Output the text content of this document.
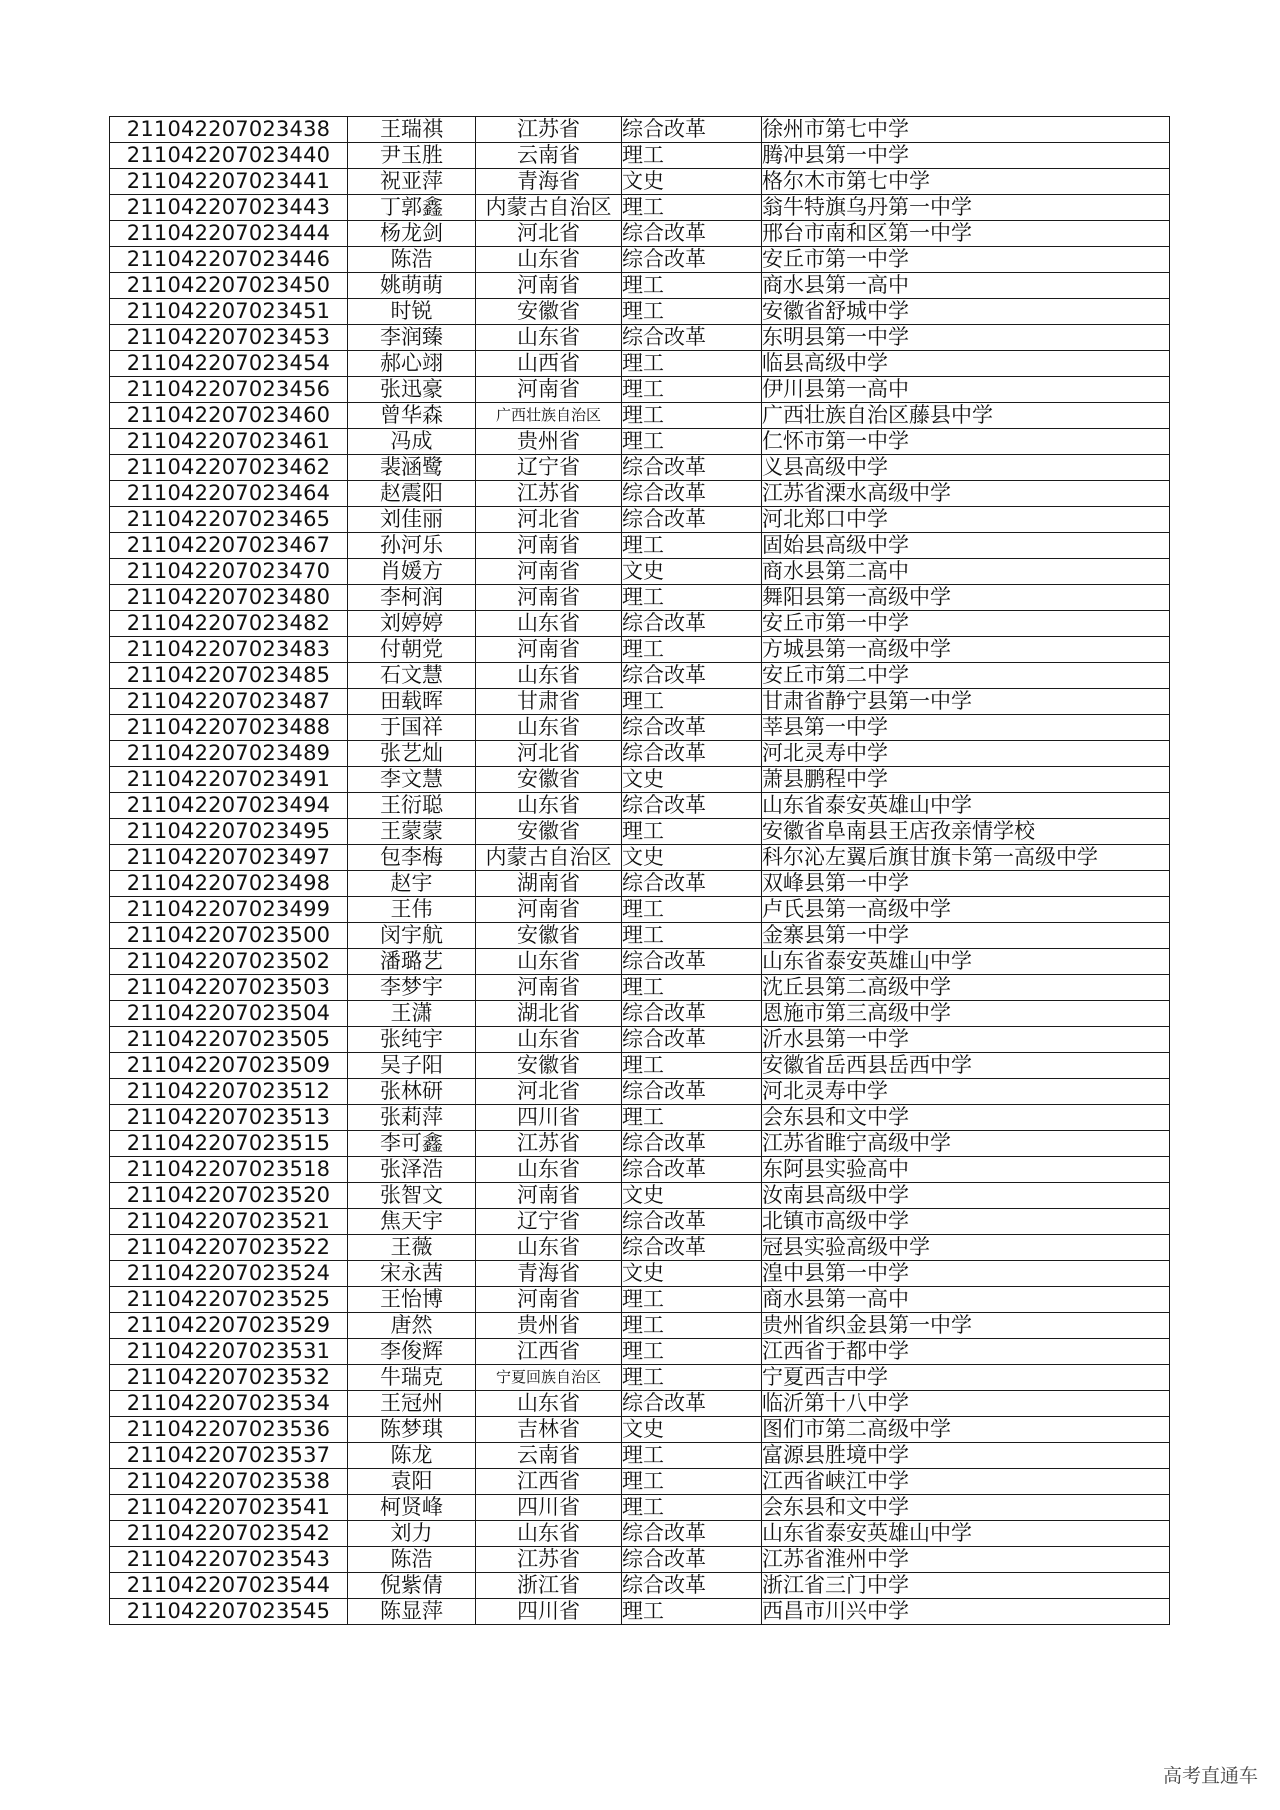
211042207023438	王瑞祺	江苏省	综合改革	徐州市第七中学
211042207023440	尹玉胜	云南省	理工	腾冲县第一中学
211042207023441	祝亚萍	青海省	文史	格尔木市第七中学
211042207023443	丁郭鑫	内蒙古自治区	理工	翁牛特旗乌丹第一中学
211042207023444	杨龙剑	河北省	综合改革	邢台市南和区第一中学
211042207023446	陈浩	山东省	综合改革	安丘市第一中学
211042207023450	姚萌萌	河南省	理工	商水县第一高中
211042207023451	时锐	安徽省	理工	安徽省舒城中学
211042207023453	李润臻	山东省	综合改革	东明县第一中学
211042207023454	郝心翊	山西省	理工	临县高级中学
211042207023456	张迅豪	河南省	理工	伊川县第一高中
211042207023460	曾华森	广西壮族自治区	理工	广西壮族自治区藤县中学
211042207023461	冯成	贵州省	理工	仁怀市第一中学
211042207023462	裴涵鹭	辽宁省	综合改革	义县高级中学
211042207023464	赵震阳	江苏省	综合改革	江苏省溧水高级中学
211042207023465	刘佳丽	河北省	综合改革	河北郑口中学
211042207023467	孙河乐	河南省	理工	固始县高级中学
211042207023470	肖媛方	河南省	文史	商水县第二高中
211042207023480	李柯润	河南省	理工	舞阳县第一高级中学
211042207023482	刘婷婷	山东省	综合改革	安丘市第一中学
211042207023483	付朝党	河南省	理工	方城县第一高级中学
211042207023485	石文慧	山东省	综合改革	安丘市第二中学
211042207023487	田载晖	甘肃省	理工	甘肃省静宁县第一中学
211042207023488	于国祥	山东省	综合改革	莘县第一中学
211042207023489	张艺灿	河北省	综合改革	河北灵寿中学
211042207023491	李文慧	安徽省	文史	萧县鹏程中学
211042207023494	王衍聪	山东省	综合改革	山东省泰安英雄山中学
211042207023495	王蒙蒙	安徽省	理工	安徽省阜南县王店孜亲情学校
211042207023497	包李梅	内蒙古自治区	文史	科尔沁左翼后旗甘旗卡第一高级中学
211042207023498	赵宇	湖南省	综合改革	双峰县第一中学
211042207023499	王伟	河南省	理工	卢氏县第一高级中学
211042207023500	闵宇航	安徽省	理工	金寨县第一中学
211042207023502	潘璐艺	山东省	综合改革	山东省泰安英雄山中学
211042207023503	李梦宇	河南省	理工	沈丘县第二高级中学
211042207023504	王潇	湖北省	综合改革	恩施市第三高级中学
211042207023505	张纯宇	山东省	综合改革	沂水县第一中学
211042207023509	吴子阳	安徽省	理工	安徽省岳西县岳西中学
211042207023512	张林研	河北省	综合改革	河北灵寿中学
211042207023513	张莉萍	四川省	理工	会东县和文中学
211042207023515	李可鑫	江苏省	综合改革	江苏省睢宁高级中学
211042207023518	张泽浩	山东省	综合改革	东阿县实验高中
211042207023520	张智文	河南省	文史	汝南县高级中学
211042207023521	焦天宇	辽宁省	综合改革	北镇市高级中学
211042207023522	王薇	山东省	综合改革	冠县实验高级中学
211042207023524	宋永茜	青海省	文史	湟中县第一中学
211042207023525	王怡博	河南省	理工	商水县第一高中
211042207023529	唐然	贵州省	理工	贵州省织金县第一中学
211042207023531	李俊辉	江西省	理工	江西省于都中学
211042207023532	牛瑞克	宁夏回族自治区	理工	宁夏西吉中学
211042207023534	王冠州	山东省	综合改革	临沂第十八中学
211042207023536	陈梦琪	吉林省	文史	图们市第二高级中学
211042207023537	陈龙	云南省	理工	富源县胜境中学
211042207023538	袁阳	江西省	理工	江西省峡江中学
211042207023541	柯贤峰	四川省	理工	会东县和文中学
211042207023542	刘力	山东省	综合改革	山东省泰安英雄山中学
211042207023543	陈浩	江苏省	综合改革	江苏省淮州中学
211042207023544	倪紫倩	浙江省	综合改革	浙江省三门中学
211042207023545	陈显萍	四川省	理工	西昌市川兴中学
高考直通车
